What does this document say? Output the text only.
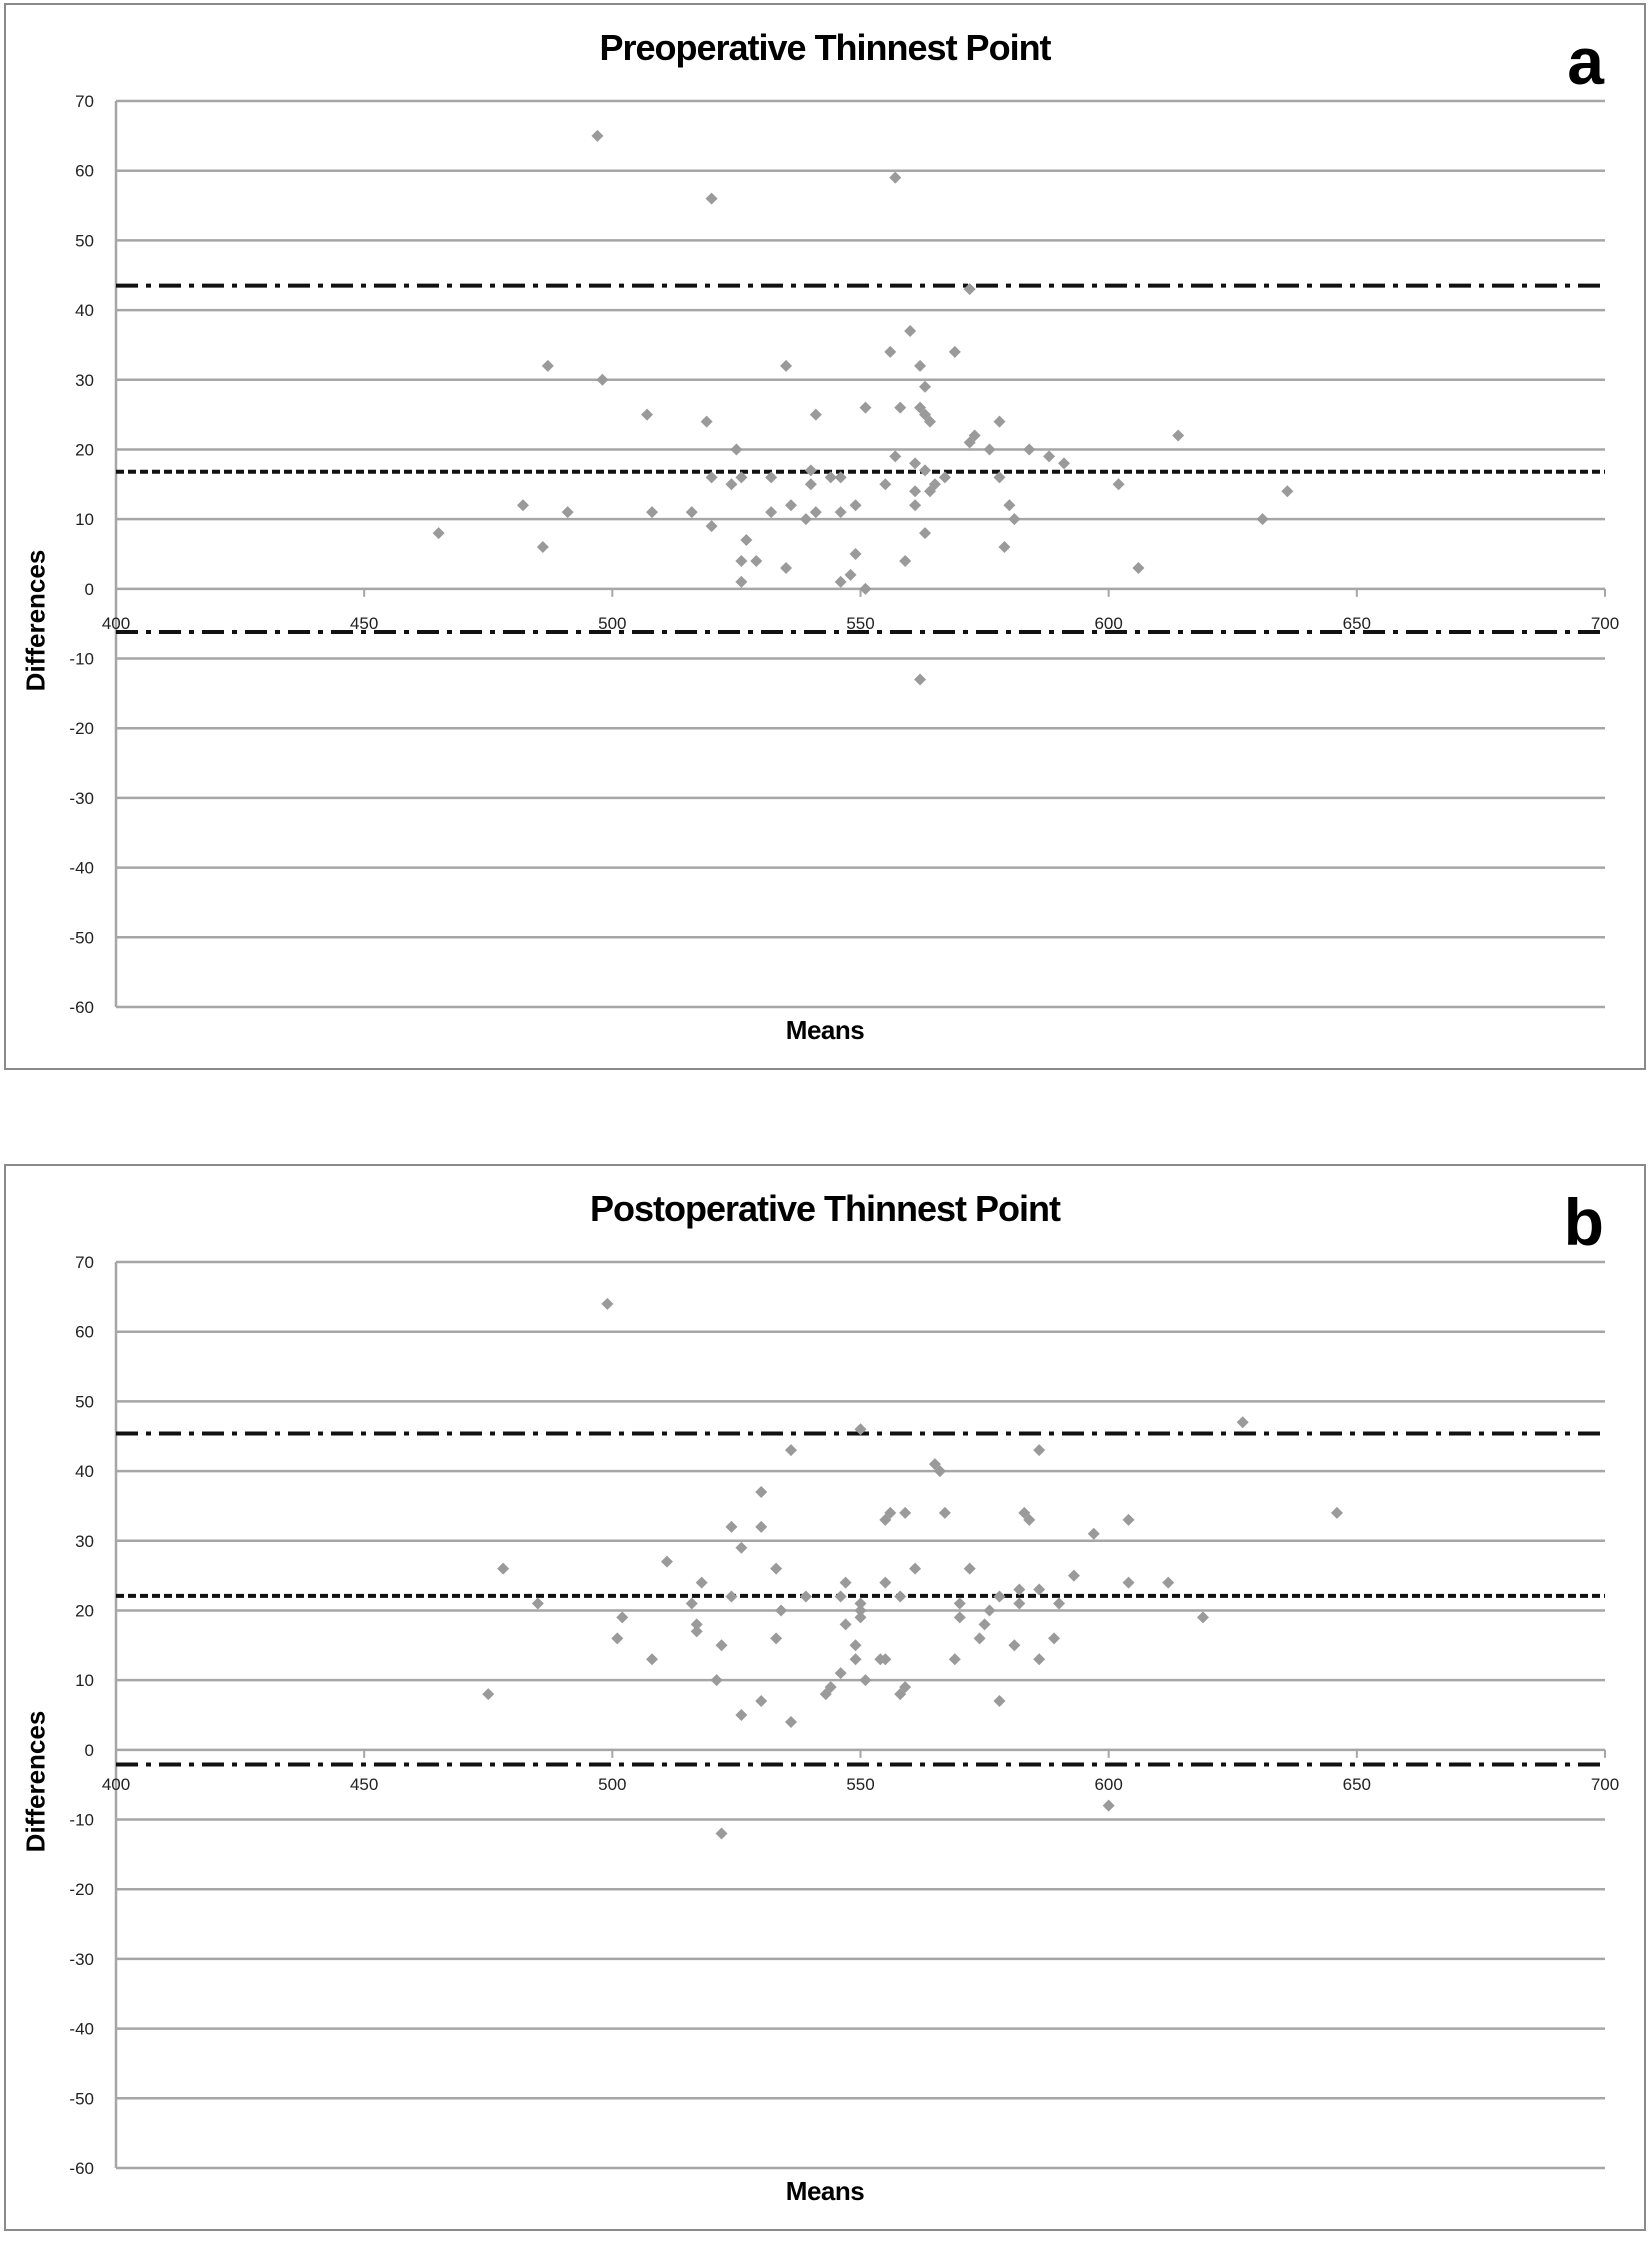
70
60
50
40
30
20
10
0
-10
-20
-30
-40
-50
-60
400	450	500	550	600	650	700
Preoperative Thinnest Point	a
Differences
Means
70
60
50
40
30
20
10
0
-10
-20
-30
-40
-50
-60
400	450	500	550	600	650	700
Postoperative Thinnest Point	b
Differences
Means
